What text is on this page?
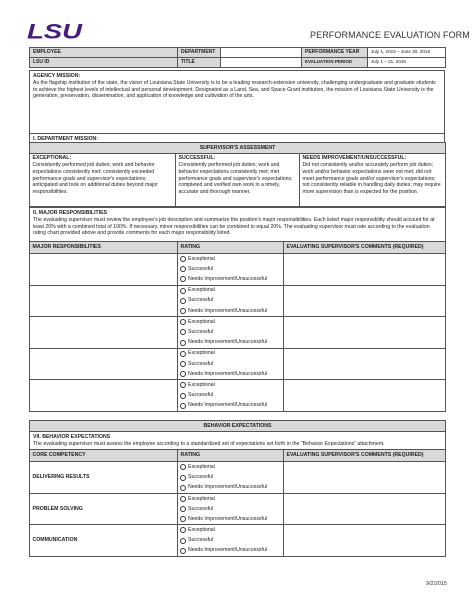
LSU	PERFORMANCE EVALUATION FORM
EMPLOYEE	DEPARTMENT		PERFORMANCE YEAR	July 1, 2015 – June 30, 2016
LSU ID	TITLE		EVALUATION PERIOD	July 1 – 31, 2016
AGENCY MISSION:
As the flagship institution of the state, the vision of Louisiana State University is to be a leading research-extensive university, challenging undergraduate and graduate students to achieve the highest levels of intellectual and personal development. Designated as a Land, Sea, and Space Grant institution, the mission of Louisiana State University is the generation, preservation, dissemination, and application of knowledge and cultivation of the arts.

I. DEPARTMENT MISSION:
SUPERVISOR'S ASSESSMENT

EXCEPTIONAL:
Consistently performed job duties; work and behavior expectations consistently met; consistently exceeded performance goals and supervisor's expectations; anticipated and took on additional duties beyond major responsibilities.

SUCCESSFUL:
Consistently performed job duties; work and behavior expectations consistently met; met performance goals and supervisor's expectations; completed and verified own work in a timely, accurate and thorough manner.

NEEDS IMPROVEMENT/UNSUCCESSFUL:
Did not consistently and/or accurately perform job duties; work and/or behavior expectations were not met; did not meet performance goals and/or supervisor's expectations; not consistently reliable in handling daily duties; may require more supervision than is expected for the position.
II. MAJOR RESPONSIBILITIES
The evaluating supervisor must review the employee's job description and summarize the position's major responsibilities. Each listed major responsibility should account for at least 20% with a combined total of 100%. If necessary, minor responsibilities can be combined to equal 20%. The evaluating supervisor must rate according to the evaluation rating chart provided above and provide comments for each major responsibility listed.		

MAJOR RESPONSIBILITIES	RATING	EVALUATING SUPERVISOR'S COMMENTS (REQUIRED)

	Exceptional
Successful
Needs Improvement/Unsuccessful	

	Exceptional
Successful
Needs Improvement/Unsuccessful	

	Exceptional
Successful
Needs Improvement/Unsuccessful	

	Exceptional
Successful
Needs Improvement/Unsuccessful	

	Exceptional
Successful
Needs Improvement/Unsuccessful	

BEHAVIOR EXPECTATIONS		

VII. BEHAVIOR EXPECTATIONS
The evaluating supervisor must assess the employee according to a standardized set of expectations set forth in the “Behavior Expectations” attachment.		

CORE COMPETENCY	RATING	EVALUATING SUPERVISOR'S COMMENTS (REQUIRED)
DELIVERING RESULTS	Exceptional
Successful
Needs Improvement/Unsuccessful	

PROBLEM SOLVING	Exceptional
Successful
Needs Improvement/Unsuccessful	

COMMUNICATION	Exceptional
Successful
Needs Improvement/Unsuccessful	

9/2/2015
